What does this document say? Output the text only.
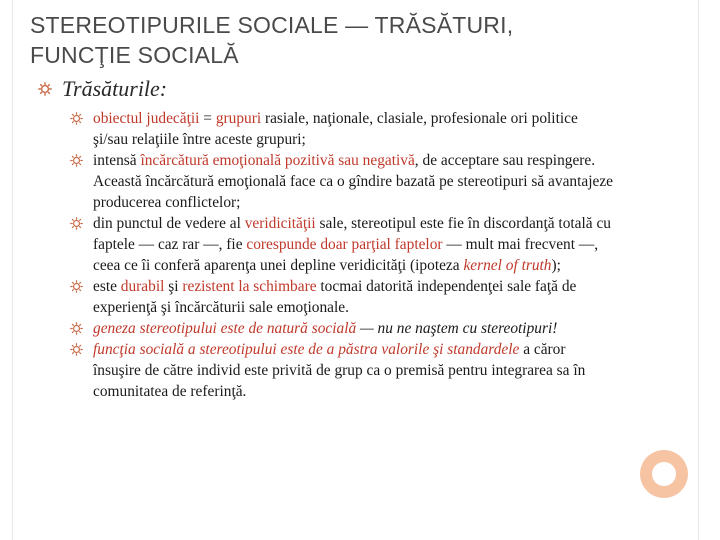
STEREOTIPURILE SOCIALE — TRĂSĂTURI,
FUNCŢIE SOCIALĂ
Trăsăturile:
obiectul judecăţii = grupuri rasiale, naţionale, clasiale, profesionale ori politice şi/sau relaţiile între aceste grupuri;
intensă încărcătură emoţională pozitivă sau negativă, de acceptare sau respingere. Această încărcătură emoţională face ca o gîndire bazată pe stereotipuri să avantajeze producerea conflictelor;
din punctul de vedere al veridicităţii sale, stereotipul este fie în discordanţă totală cu faptele — caz rar —, fie corespunde doar parţial faptelor — mult mai frecvent —, ceea ce îi conferă aparenţa unei depline veridicităţi (ipoteza kernel of truth);
este durabil şi rezistent la schimbare tocmai datorită independenţei sale faţă de experienţă şi încărcăturii sale emoţionale.
geneza stereotipului este de natură socială — nu ne naştem cu stereotipuri!
funcţia socială a stereotipului este de a păstra valorile şi standardele a căror însuşire de către individ este privită de grup ca o premisă pentru integrarea sa în comunitatea de referinţă.
